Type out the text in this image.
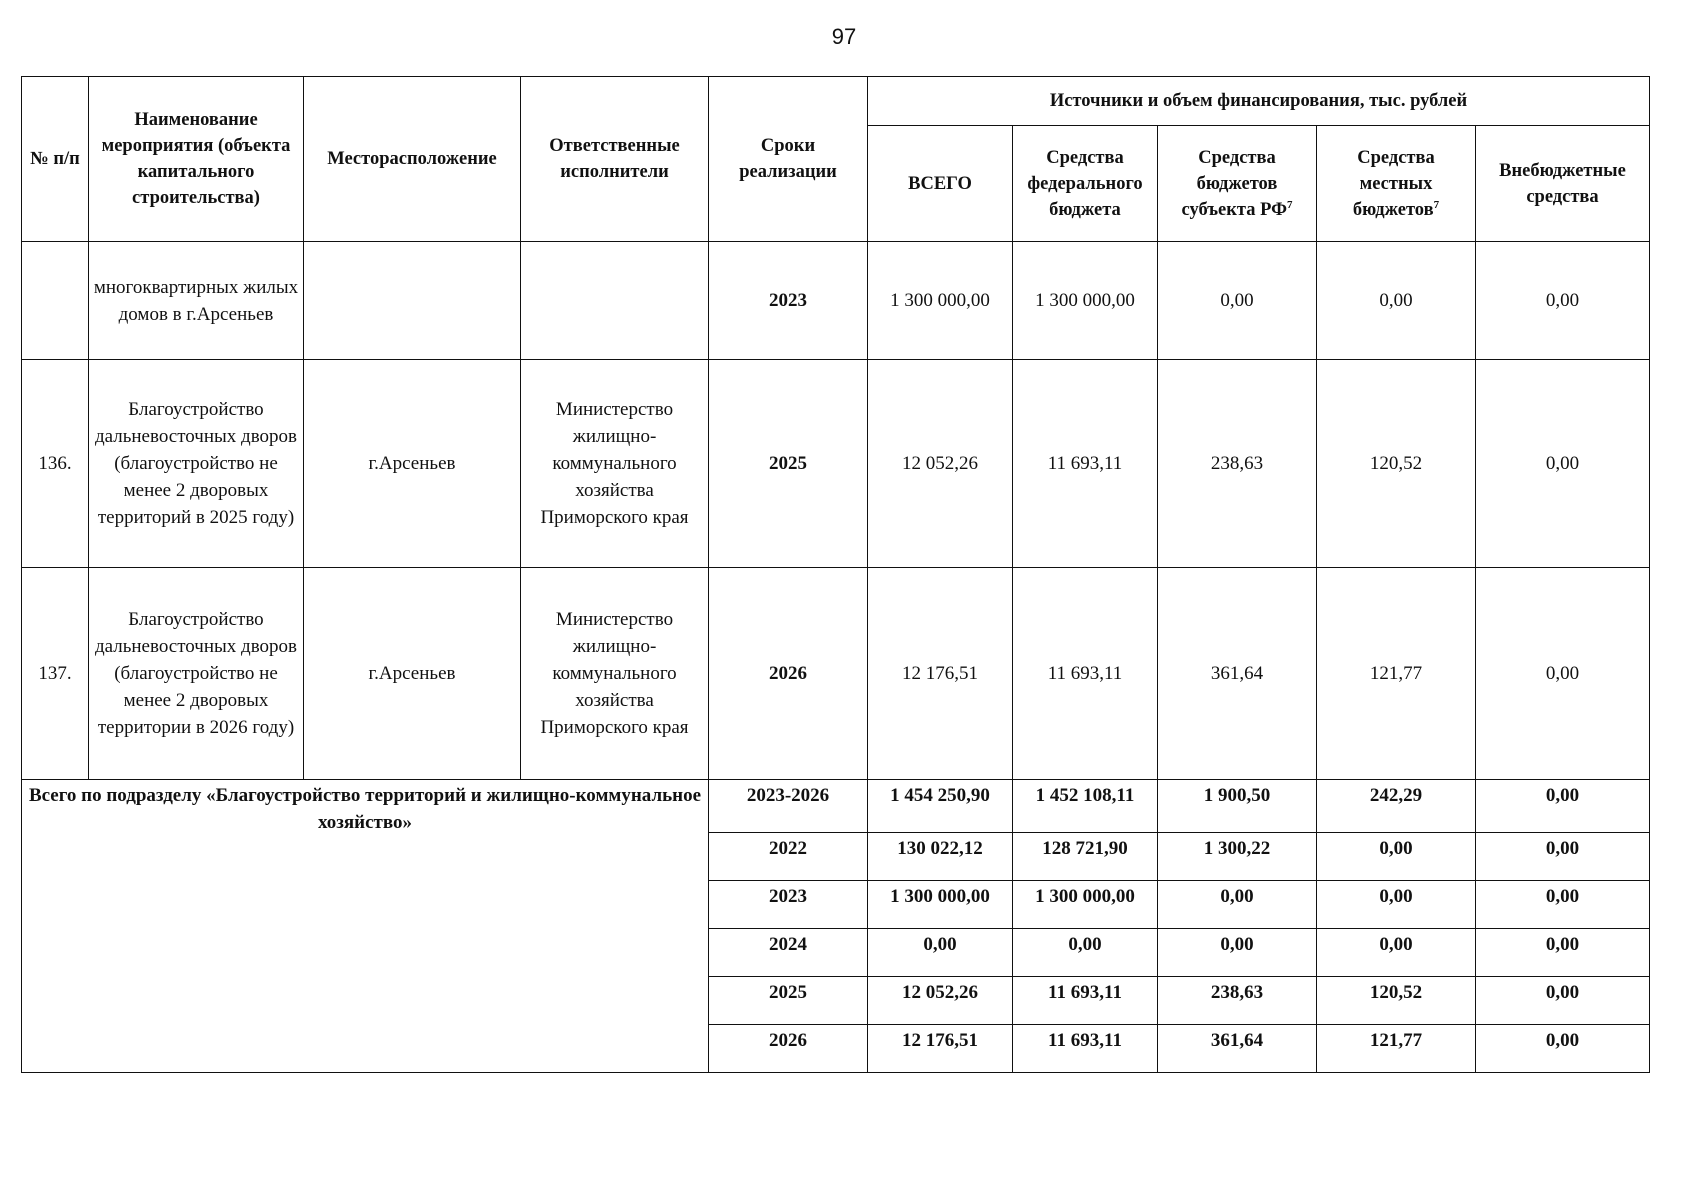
97
№ п/п	Наименование мероприятия (объекта капитального строительства)	Месторасположение	Ответственные исполнители	Сроки реализации	Источники и объем финансирования, тыс. рублей				
					ВСЕГО	Средства федерального бюджета	Средства бюджетов субъекта $РФ^7$	Средства местных бюджетов$^7$	Внебюджетные средства
	многоквартирных жилых домов в г.Арсеньев			2023	1 300 000,00	1 300 000,00	0,00	0,00	0,00
136.	Благоустройство дальневосточных дворов (благоустройство не менее 2 дворовых территорий в 2025 году)	г.Арсеньев	Министерство жилищно-коммунального хозяйства Приморского края	2025	12 052,26	11 693,11	238,63	120,52	0,00
137.	Благоустройство дальневосточных дворов (благоустройство не менее 2 дворовых территории в 2026 году)	г.Арсеньев	Министерство жилищно-коммунального хозяйства Приморского края	2026	12 176,51	11 693,11	361,64	121,77	0,00
Всего по подразделу «Благоустройство территорий и жилищно-коммунальное хозяйство»				2023-2026	1 454 250,90	1 452 108,11	1 900,50	242,29	0,00
				2022	130 022,12	128 721,90	1 300,22	0,00	0,00
				2023	1 300 000,00	1 300 000,00	0,00	0,00	0,00
				2024	0,00	0,00	0,00	0,00	0,00
				2025	12 052,26	11 693,11	238,63	120,52	0,00
				2026	12 176,51	11 693,11	361,64	121,77	0,00
